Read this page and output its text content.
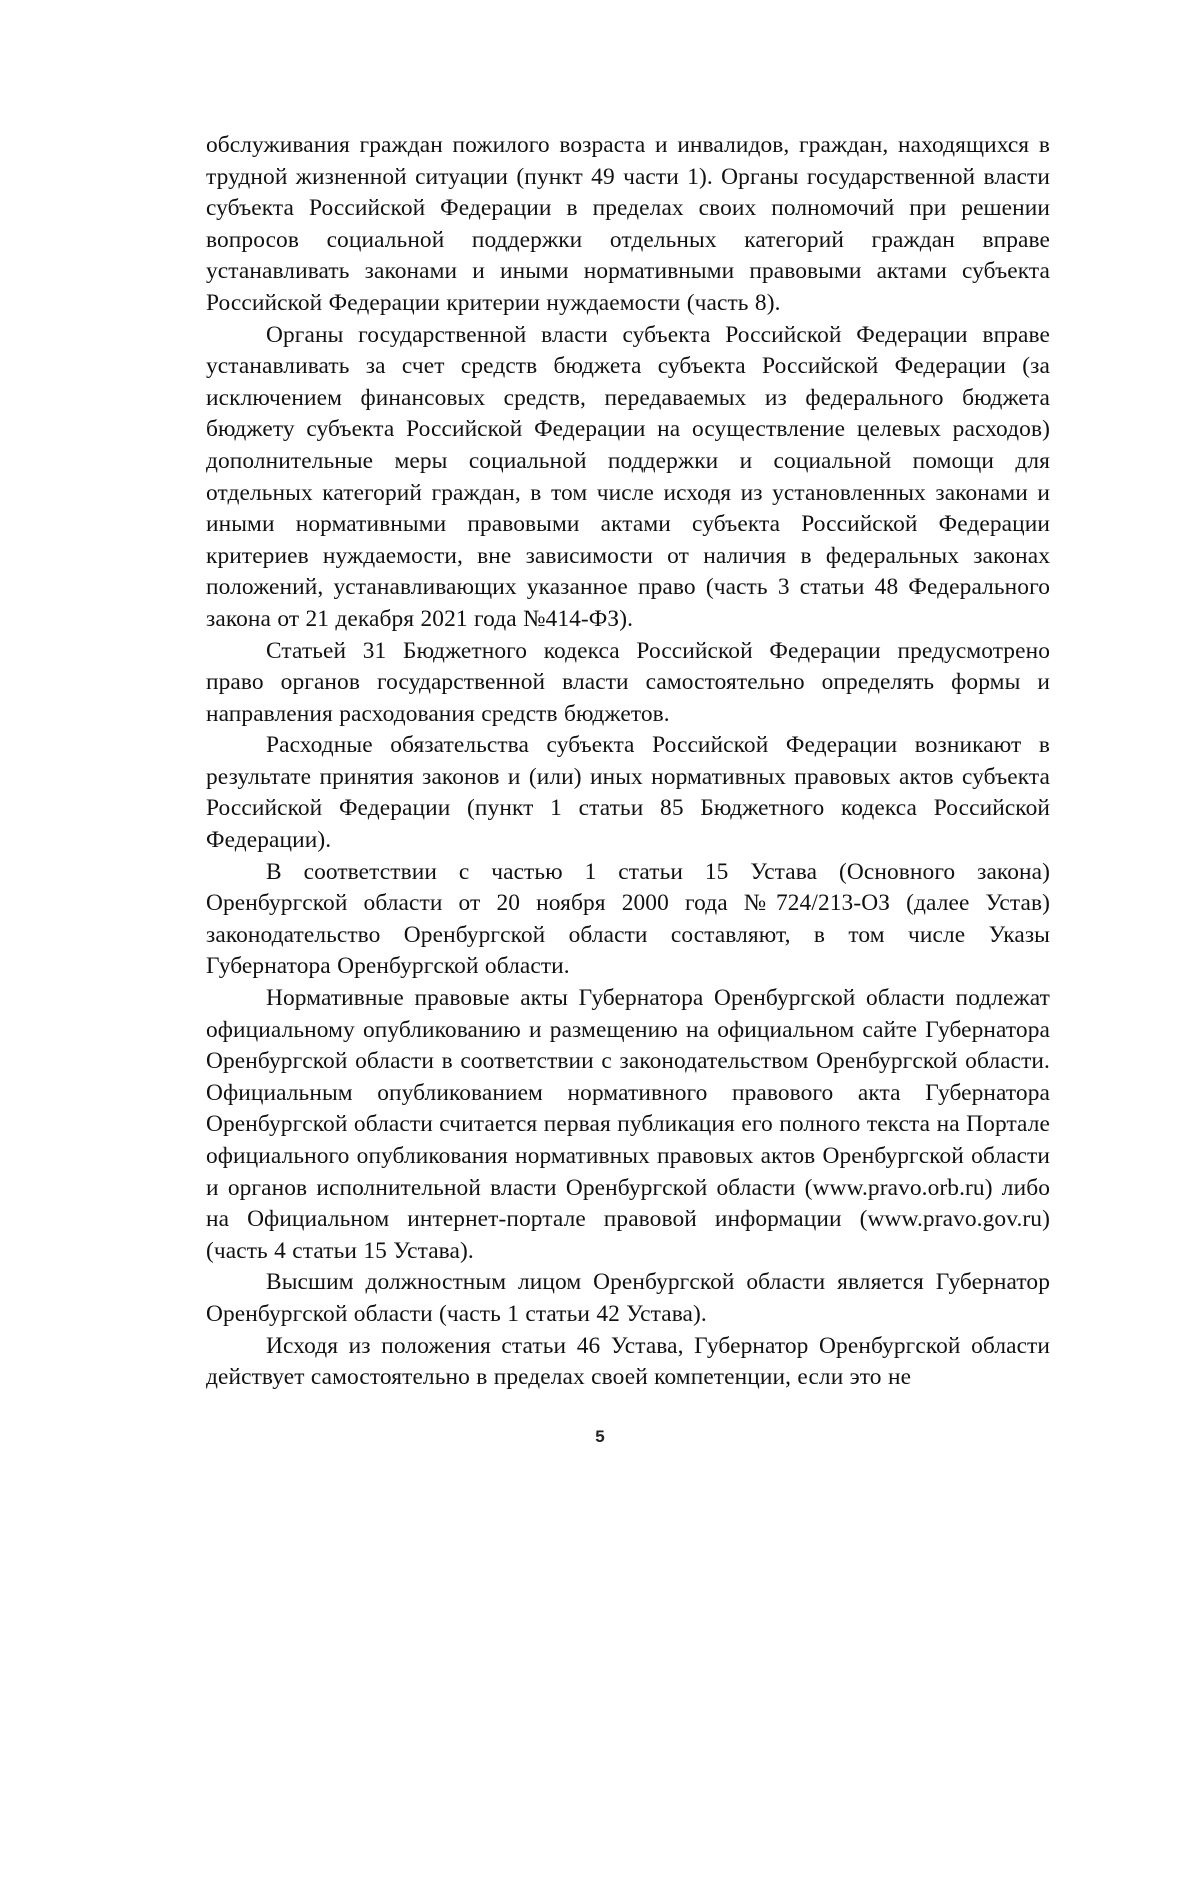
обслуживания граждан пожилого возраста и инвалидов, граждан, находящихся в трудной жизненной ситуации (пункт 49 части 1). Органы государственной власти субъекта Российской Федерации в пределах своих полномочий при решении вопросов социальной поддержки отдельных категорий граждан вправе устанавливать законами и иными нормативными правовыми актами субъекта Российской Федерации критерии нуждаемости (часть 8).

Органы государственной власти субъекта Российской Федерации вправе устанавливать за счет средств бюджета субъекта Российской Федерации (за исключением финансовых средств, передаваемых из федерального бюджета бюджету субъекта Российской Федерации на осуществление целевых расходов) дополнительные меры социальной поддержки и социальной помощи для отдельных категорий граждан, в том числе исходя из установленных законами и иными нормативными правовыми актами субъекта Российской Федерации критериев нуждаемости, вне зависимости от наличия в федеральных законах положений, устанавливающих указанное право (часть 3 статьи 48 Федерального закона от 21 декабря 2021 года №414-ФЗ).

Статьей 31 Бюджетного кодекса Российской Федерации предусмотрено право органов государственной власти самостоятельно определять формы и направления расходования средств бюджетов.

Расходные обязательства субъекта Российской Федерации возникают в результате принятия законов и (или) иных нормативных правовых актов субъекта Российской Федерации (пункт 1 статьи 85 Бюджетного кодекса Российской Федерации).

В соответствии с частью 1 статьи 15 Устава (Основного закона) Оренбургской области от 20 ноября 2000 года №724/213-ОЗ (далее Устав) законодательство Оренбургской области составляют, в том числе Указы Губернатора Оренбургской области.

Нормативные правовые акты Губернатора Оренбургской области подлежат официальному опубликованию и размещению на официальном сайте Губернатора Оренбургской области в соответствии с законодательством Оренбургской области. Официальным опубликованием нормативного правового акта Губернатора Оренбургской области считается первая публикация его полного текста на Портале официального опубликования нормативных правовых актов Оренбургской области и органов исполнительной власти Оренбургской области (www.pravo.orb.ru) либо на Официальном интернет-портале правовой информации (www.pravo.gov.ru) (часть 4 статьи 15 Устава).

Высшим должностным лицом Оренбургской области является Губернатор Оренбургской области (часть 1 статьи 42 Устава).

Исходя из положения статьи 46 Устава, Губернатор Оренбургской области действует самостоятельно в пределах своей компетенции, если это не

5
